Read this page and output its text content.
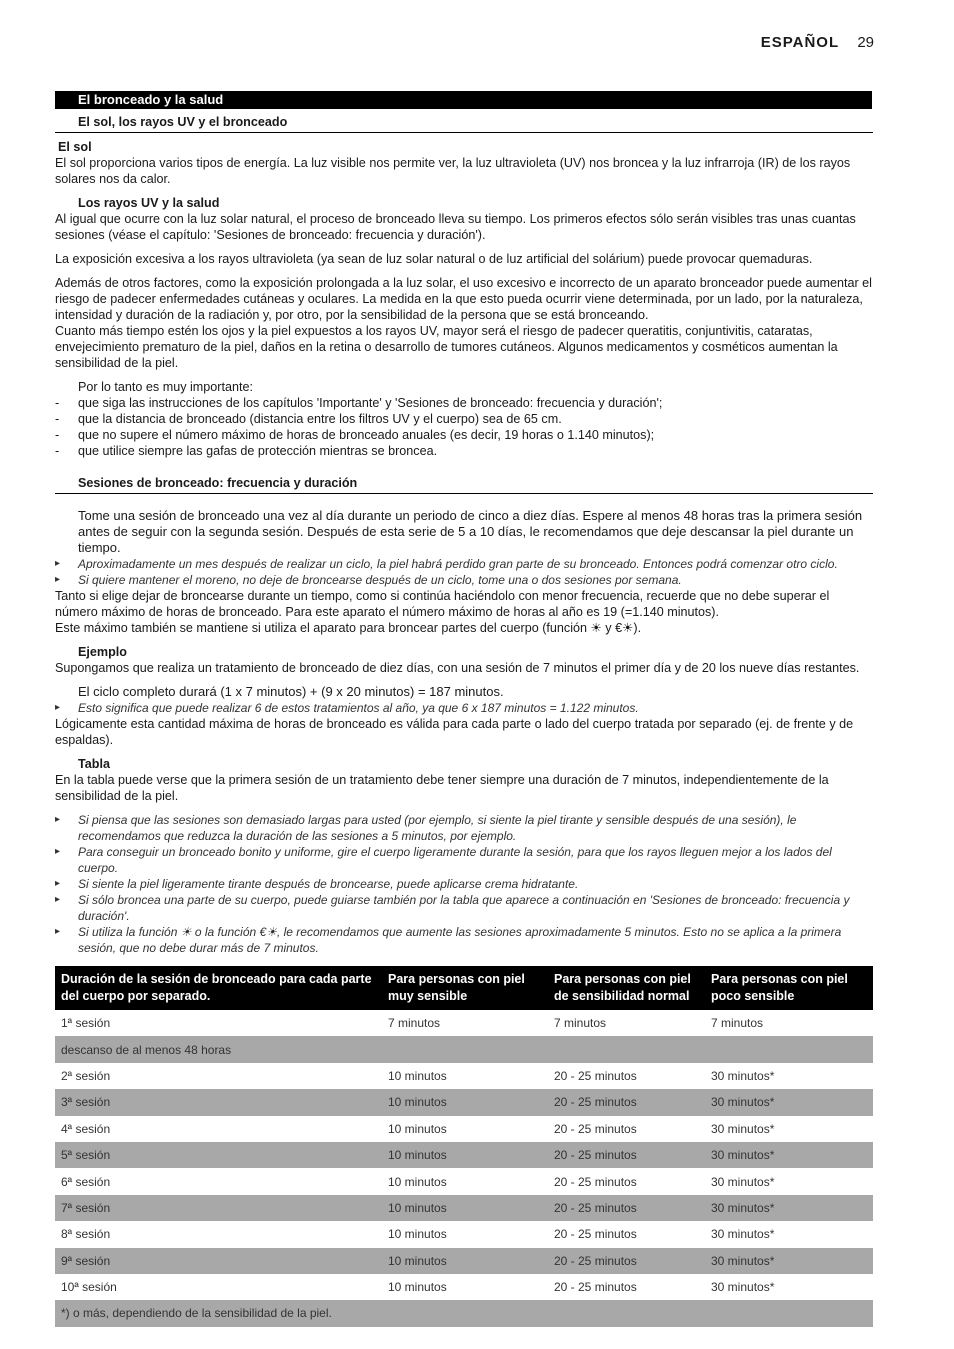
ESPAÑOL 29
El bronceado y la salud
El sol, los rayos UV y el bronceado
El sol

El sol proporciona varios tipos de energía. La luz visible nos permite ver, la luz ultravioleta (UV) nos broncea y la luz infrarroja (IR) de los rayos solares nos da calor.

Los rayos UV y la salud

Al igual que ocurre con la luz solar natural, el proceso de bronceado lleva su tiempo. Los primeros efectos sólo serán visibles tras unas cuantas sesiones (véase el capítulo: 'Sesiones de bronceado: frecuencia y duración').

La exposición excesiva a los rayos ultravioleta (ya sean de luz solar natural o de luz artificial del solárium) puede provocar quemaduras.

Además de otros factores, como la exposición prolongada a la luz solar, el uso excesivo e incorrecto de un aparato bronceador puede aumentar el riesgo de padecer enfermedades cutáneas y oculares. La medida en la que esto pueda ocurrir viene determinada, por un lado, por la naturaleza, intensidad y duración de la radiación y, por otro, por la sensibilidad de la persona que se está bronceando.

Cuanto más tiempo estén los ojos y la piel expuestos a los rayos UV, mayor será el riesgo de padecer queratitis, conjuntivitis, cataratas, envejecimiento prematuro de la piel, daños en la retina o desarrollo de tumores cutáneos. Algunos medicamentos y cosméticos aumentan la sensibilidad de la piel.

Por lo tanto es muy importante:
- que siga las instrucciones de los capítulos 'Importante' y 'Sesiones de bronceado: frecuencia y duración';
- que la distancia de bronceado (distancia entre los filtros UV y el cuerpo) sea de 65 cm.
- que no supere el número máximo de horas de bronceado anuales (es decir, 19 horas o 1.140 minutos);
- que utilice siempre las gafas de protección mientras se broncea.
Sesiones de bronceado: frecuencia y duración
Tome una sesión de bronceado una vez al día durante un periodo de cinco a diez días. Espere al menos 48 horas tras la primera sesión antes de seguir con la segunda sesión. Después de esta serie de 5 a 10 días, le recomendamos que deje descansar la piel durante un tiempo.
▸ Aproximadamente un mes después de realizar un ciclo, la piel habrá perdido gran parte de su bronceado. Entonces podrá comenzar otro ciclo.
▸ Si quiere mantener el moreno, no deje de broncearse después de un ciclo, tome una o dos sesiones por semana.
Tanto si elige dejar de broncearse durante un tiempo, como si continúa haciéndolo con menor frecuencia, recuerde que no debe superar el número máximo de horas de bronceado. Para este aparato el número máximo de horas al año es 19 (=1.140 minutos).

Este máximo también se mantiene si utiliza el aparato para broncear partes del cuerpo (función ☀ y €☀).

Ejemplo

Supongamos que realiza un tratamiento de bronceado de diez días, con una sesión de 7 minutos el primer día y de 20 los nueve días restantes.

El ciclo completo durará (1 x 7 minutos) + (9 x 20 minutos) = 187 minutos.
▸ Esto significa que puede realizar 6 de estos tratamientos al año, ya que 6 x 187 minutos = 1.122 minutos.

Lógicamente esta cantidad máxima de horas de bronceado es válida para cada parte o lado del cuerpo tratada por separado (ej. de frente y de espaldas).

Tabla

En la tabla puede verse que la primera sesión de un tratamiento debe tener siempre una duración de 7 minutos, independientemente de la sensibilidad de la piel.

▸ Si piensa que las sesiones son demasiado largas para usted (por ejemplo, si siente la piel tirante y sensible después de una sesión), le recomendamos que reduzca la duración de las sesiones a 5 minutos, por ejemplo.
▸ Para conseguir un bronceado bonito y uniforme, gire el cuerpo ligeramente durante la sesión, para que los rayos lleguen mejor a los lados del cuerpo.
▸ Si siente la piel ligeramente tirante después de broncearse, puede aplicarse crema hidratante.
▸ Si sólo broncea una parte de su cuerpo, puede guiarse también por la tabla que aparece a continuación en 'Sesiones de bronceado: frecuencia y duración'.
▸ Si utiliza la función ☀ o la función €☀, le recomendamos que aumente las sesiones aproximadamente 5 minutos. Esto no se aplica a la primera sesión, que no debe durar más de 7 minutos.
Duración de la sesión de bronceado para cada parte del cuerpo por separado.	Para personas con piel muy sensible	Para personas con piel de sensibilidad normal	Para personas con piel poco sensible
1ª sesión	7 minutos	7 minutos	7 minutos
descanso de al menos 48 horas			
2ª sesión	10 minutos	20 - 25 minutos	30 minutos*
3ª sesión	10 minutos	20 - 25 minutos	30 minutos*
4ª sesión	10 minutos	20 - 25 minutos	30 minutos*
5ª sesión	10 minutos	20 - 25 minutos	30 minutos*
6ª sesión	10 minutos	20 - 25 minutos	30 minutos*
7ª sesión	10 minutos	20 - 25 minutos	30 minutos*
8ª sesión	10 minutos	20 - 25 minutos	30 minutos*
9ª sesión	10 minutos	20 - 25 minutos	30 minutos*
10ª sesión	10 minutos	20 - 25 minutos	30 minutos*
*) o más, dependiendo de la sensibilidad de la piel.			
